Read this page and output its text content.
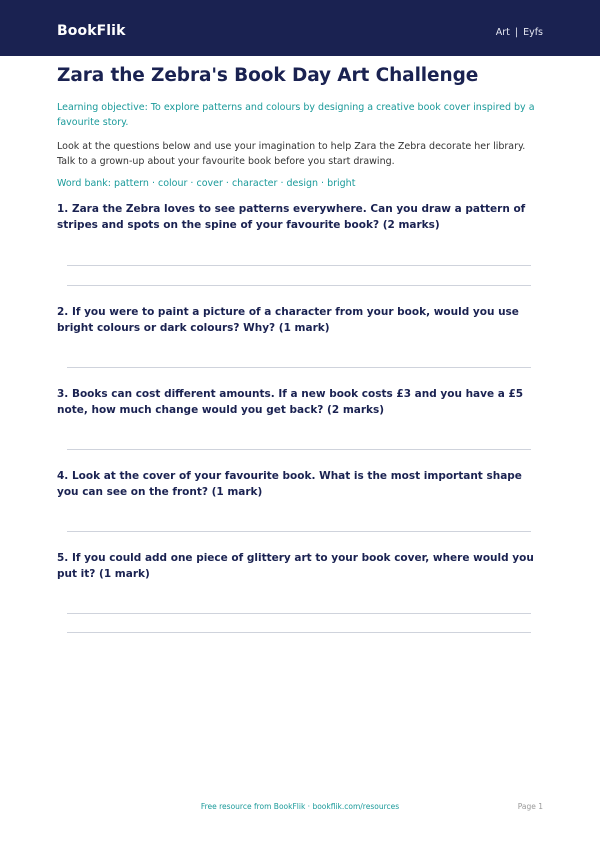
BookFlik	Art | Eyfs
Zara the Zebra's Book Day Art Challenge
Learning objective: To explore patterns and colours by designing a creative book cover inspired by a favourite story.
Look at the questions below and use your imagination to help Zara the Zebra decorate her library. Talk to a grown-up about your favourite book before you start drawing.
Word bank: pattern · colour · cover · character · design · bright
1. Zara the Zebra loves to see patterns everywhere. Can you draw a pattern of stripes and spots on the spine of your favourite book? (2 marks)
2. If you were to paint a picture of a character from your book, would you use bright colours or dark colours? Why? (1 mark)
3. Books can cost different amounts. If a new book costs £3 and you have a £5 note, how much change would you get back? (2 marks)
4. Look at the cover of your favourite book. What is the most important shape you can see on the front? (1 mark)
5. If you could add one piece of glittery art to your book cover, where would you put it? (1 mark)
Free resource from BookFlik · bookflik.com/resources	Page 1
